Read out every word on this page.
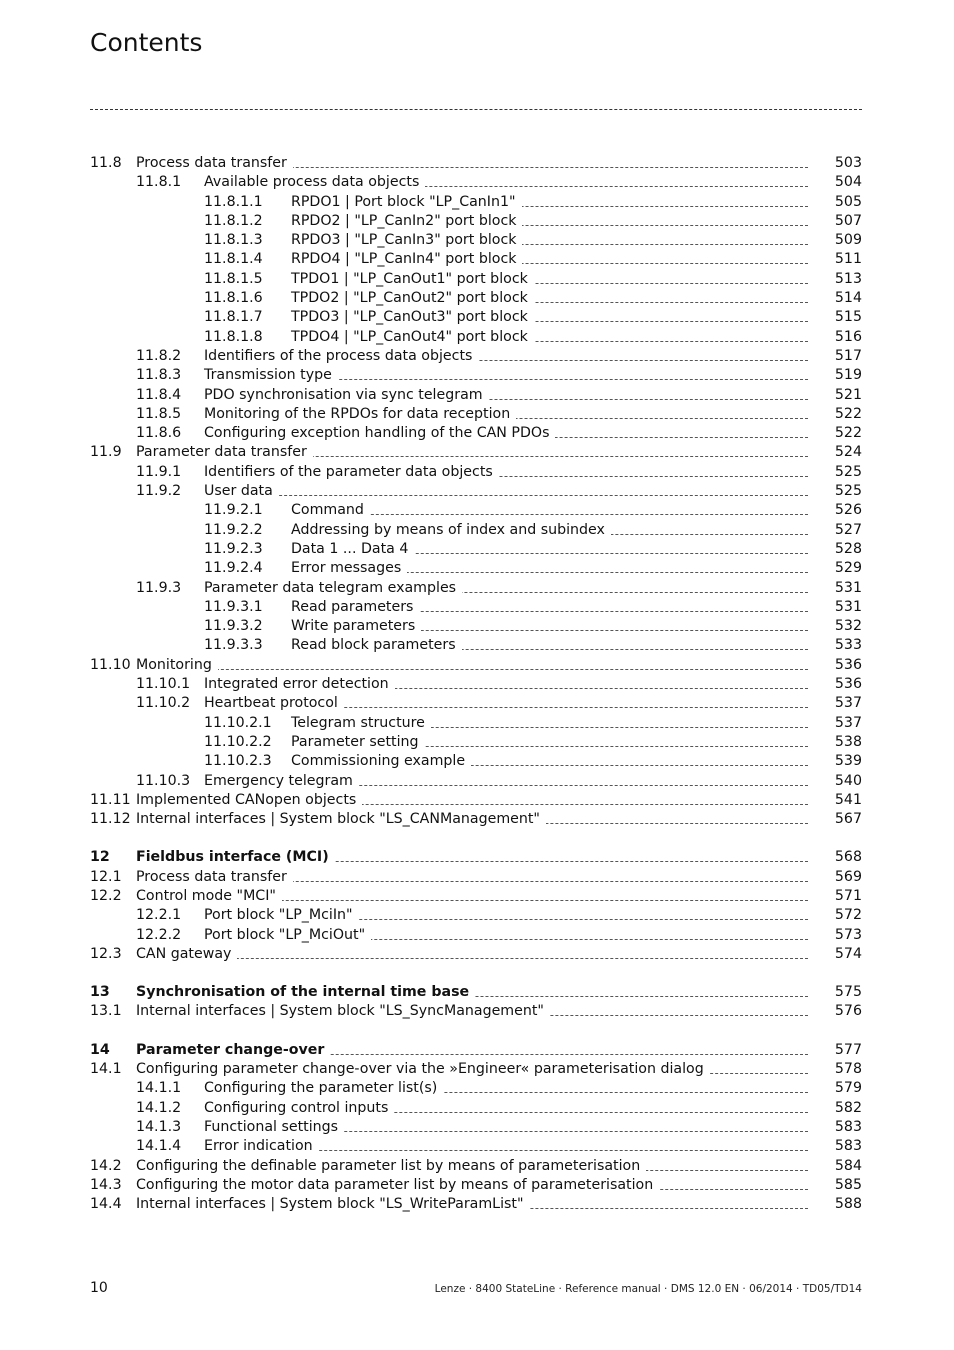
Contents
11.8 Process data transfer	503
11.8.1 Available process data objects	504
11.8.1.1 RPDO1 | Port block "LP_CanIn1"	505
11.8.1.2 RPDO2 | "LP_CanIn2" port block	507
11.8.1.3 RPDO3 | "LP_CanIn3" port block	509
11.8.1.4 RPDO4 | "LP_CanIn4" port block	511
11.8.1.5 TPDO1 | "LP_CanOut1" port block	513
11.8.1.6 TPDO2 | "LP_CanOut2" port block	514
11.8.1.7 TPDO3 | "LP_CanOut3" port block	515
11.8.1.8 TPDO4 | "LP_CanOut4" port block	516
11.8.2 Identifiers of the process data objects	517
11.8.3 Transmission type	519
11.8.4 PDO synchronisation via sync telegram	521
11.8.5 Monitoring of the RPDOs for data reception	522
11.8.6 Configuring exception handling of the CAN PDOs	522
11.9 Parameter data transfer	524
11.9.1 Identifiers of the parameter data objects	525
11.9.2 User data	525
11.9.2.1 Command	526
11.9.2.2 Addressing by means of index and subindex	527
11.9.2.3 Data 1 ... Data 4	528
11.9.2.4 Error messages	529
11.9.3 Parameter data telegram examples	531
11.9.3.1 Read parameters	531
11.9.3.2 Write parameters	532
11.9.3.3 Read block parameters	533
11.10 Monitoring	536
11.10.1 Integrated error detection	536
11.10.2 Heartbeat protocol	537
11.10.2.1 Telegram structure	537
11.10.2.2 Parameter setting	538
11.10.2.3 Commissioning example	539
11.10.3 Emergency telegram	540
11.11 Implemented CANopen objects	541
11.12 Internal interfaces | System block "LS_CANManagement"	567
12 Fieldbus interface (MCI)	568
12.1 Process data transfer	569
12.2 Control mode "MCI"	571
12.2.1 Port block "LP_MciIn"	572
12.2.2 Port block "LP_MciOut"	573
12.3 CAN gateway	574
13 Synchronisation of the internal time base	575
13.1 Internal interfaces | System block "LS_SyncManagement"	576
14 Parameter change-over	577
14.1 Configuring parameter change-over via the »Engineer« parameterisation dialog	578
14.1.1 Configuring the parameter list(s)	579
14.1.2 Configuring control inputs	582
14.1.3 Functional settings	583
14.1.4 Error indication	583
14.2 Configuring the definable parameter list by means of parameterisation	584
14.3 Configuring the motor data parameter list by means of parameterisation	585
14.4 Internal interfaces | System block "LS_WriteParamList"	588
10	Lenze · 8400 StateLine · Reference manual · DMS 12.0 EN · 06/2014 · TD05/TD14
